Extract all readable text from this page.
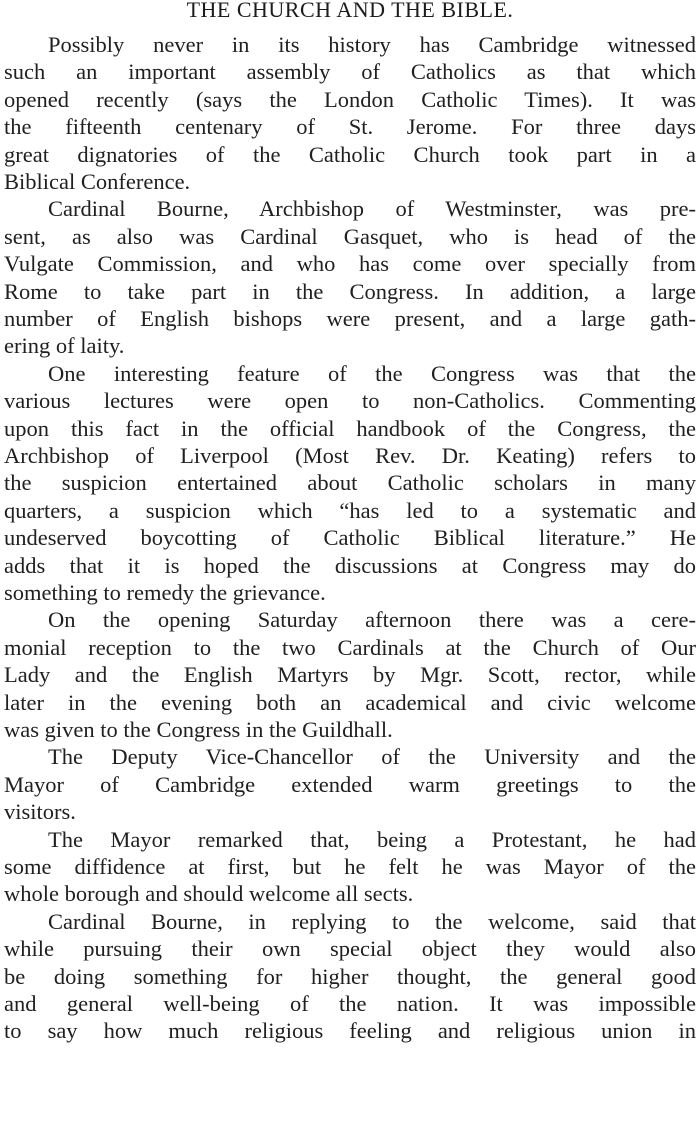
THE CHURCH AND THE BIBLE.
Possibly never in its history has Cambridge witnessed
such an important assembly of Catholics as that which
opened recently (says the London Catholic Times). It was
the fifteenth centenary of St. Jerome. For three days
great dignatories of the Catholic Church took part in a
Biblical Conference.
Cardinal Bourne, Archbishop of Westminster, was pre-
sent, as also was Cardinal Gasquet, who is head of the
Vulgate Commission, and who has come over specially from
Rome to take part in the Congress. In addition, a large
number of English bishops were present, and a large gath-
ering of laity.
One interesting feature of the Congress was that the
various lectures were open to non-Catholics. Commenting
upon this fact in the official handbook of the Congress, the
Archbishop of Liverpool (Most Rev. Dr. Keating) refers to
the suspicion entertained about Catholic scholars in many
quarters, a suspicion which “has led to a systematic and
undeserved boycotting of Catholic Biblical literature.” He
adds that it is hoped the discussions at Congress may do
something to remedy the grievance.
On the opening Saturday afternoon there was a cere-
monial reception to the two Cardinals at the Church of Our
Lady and the English Martyrs by Mgr. Scott, rector, while
later in the evening both an academical and civic welcome
was given to the Congress in the Guildhall.
The Deputy Vice-Chancellor of the University and the
Mayor of Cambridge extended warm greetings to the
visitors.
The Mayor remarked that, being a Protestant, he had
some diffidence at first, but he felt he was Mayor of the
whole borough and should welcome all sects.
Cardinal Bourne, in replying to the welcome, said that
while pursuing their own special object they would also
be doing something for higher thought, the general good
and general well-being of the nation. It was impossible
to say how much religious feeling and religious union in
